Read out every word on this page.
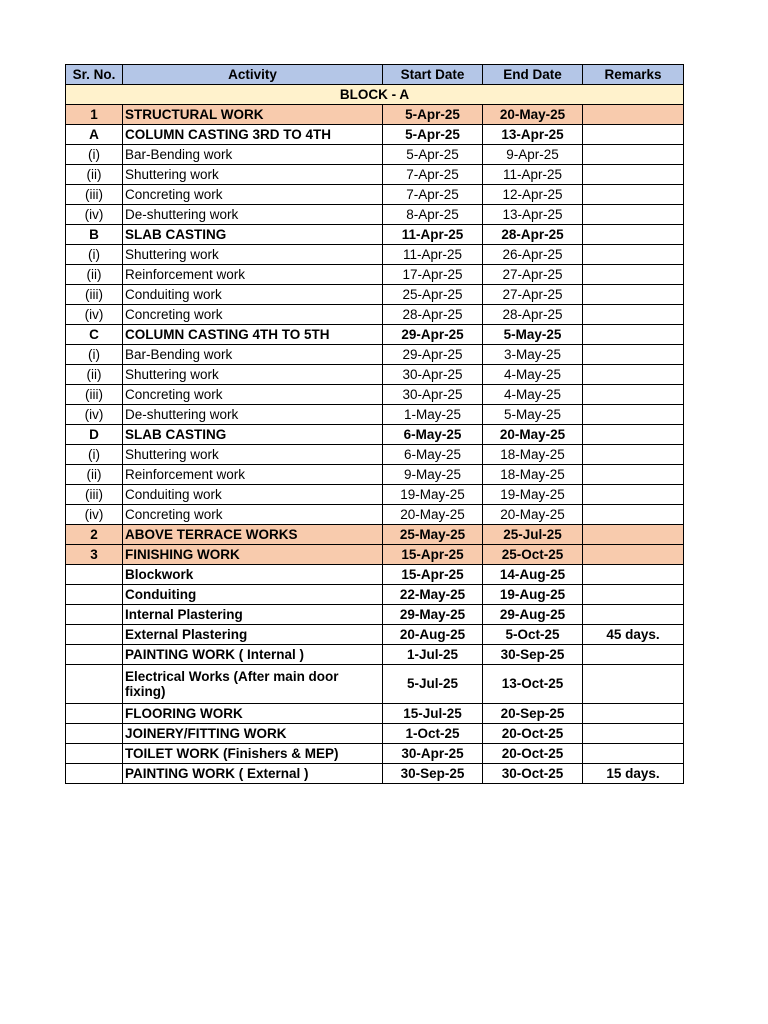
Sr. No.	Activity	Start Date	End Date	Remarks
BLOCK - A				
1	STRUCTURAL WORK	5-Apr-25	20-May-25	
A	COLUMN CASTING 3RD TO 4TH	5-Apr-25	13-Apr-25	
(i)	Bar-Bending work	5-Apr-25	9-Apr-25	
(ii)	Shuttering work	7-Apr-25	11-Apr-25	
(iii)	Concreting work	7-Apr-25	12-Apr-25	
(iv)	De-shuttering work	8-Apr-25	13-Apr-25	
B	SLAB CASTING	11-Apr-25	28-Apr-25	
(i)	Shuttering work	11-Apr-25	26-Apr-25	
(ii)	Reinforcement work	17-Apr-25	27-Apr-25	
(iii)	Conduiting work	25-Apr-25	27-Apr-25	
(iv)	Concreting work	28-Apr-25	28-Apr-25	
C	COLUMN CASTING 4TH TO 5TH	29-Apr-25	5-May-25	
(i)	Bar-Bending work	29-Apr-25	3-May-25	
(ii)	Shuttering work	30-Apr-25	4-May-25	
(iii)	Concreting work	30-Apr-25	4-May-25	
(iv)	De-shuttering work	1-May-25	5-May-25	
D	SLAB CASTING	6-May-25	20-May-25	
(i)	Shuttering work	6-May-25	18-May-25	
(ii)	Reinforcement work	9-May-25	18-May-25	
(iii)	Conduiting work	19-May-25	19-May-25	
(iv)	Concreting work	20-May-25	20-May-25	
2	ABOVE TERRACE WORKS	25-May-25	25-Jul-25	
3	FINISHING WORK	15-Apr-25	25-Oct-25	
	Blockwork	15-Apr-25	14-Aug-25	
	Conduiting	22-May-25	19-Aug-25	
	Internal Plastering	29-May-25	29-Aug-25	
	External Plastering	20-Aug-25	5-Oct-25	45 days.
	PAINTING WORK ( Internal )	1-Jul-25	30-Sep-25	
	Electrical Works (After main door fixing)	5-Jul-25	13-Oct-25	
	FLOORING WORK	15-Jul-25	20-Sep-25	
	JOINERY/FITTING WORK	1-Oct-25	20-Oct-25	
	TOILET WORK (Finishers & MEP)	30-Apr-25	20-Oct-25	
	PAINTING WORK ( External )	30-Sep-25	30-Oct-25	15 days.
